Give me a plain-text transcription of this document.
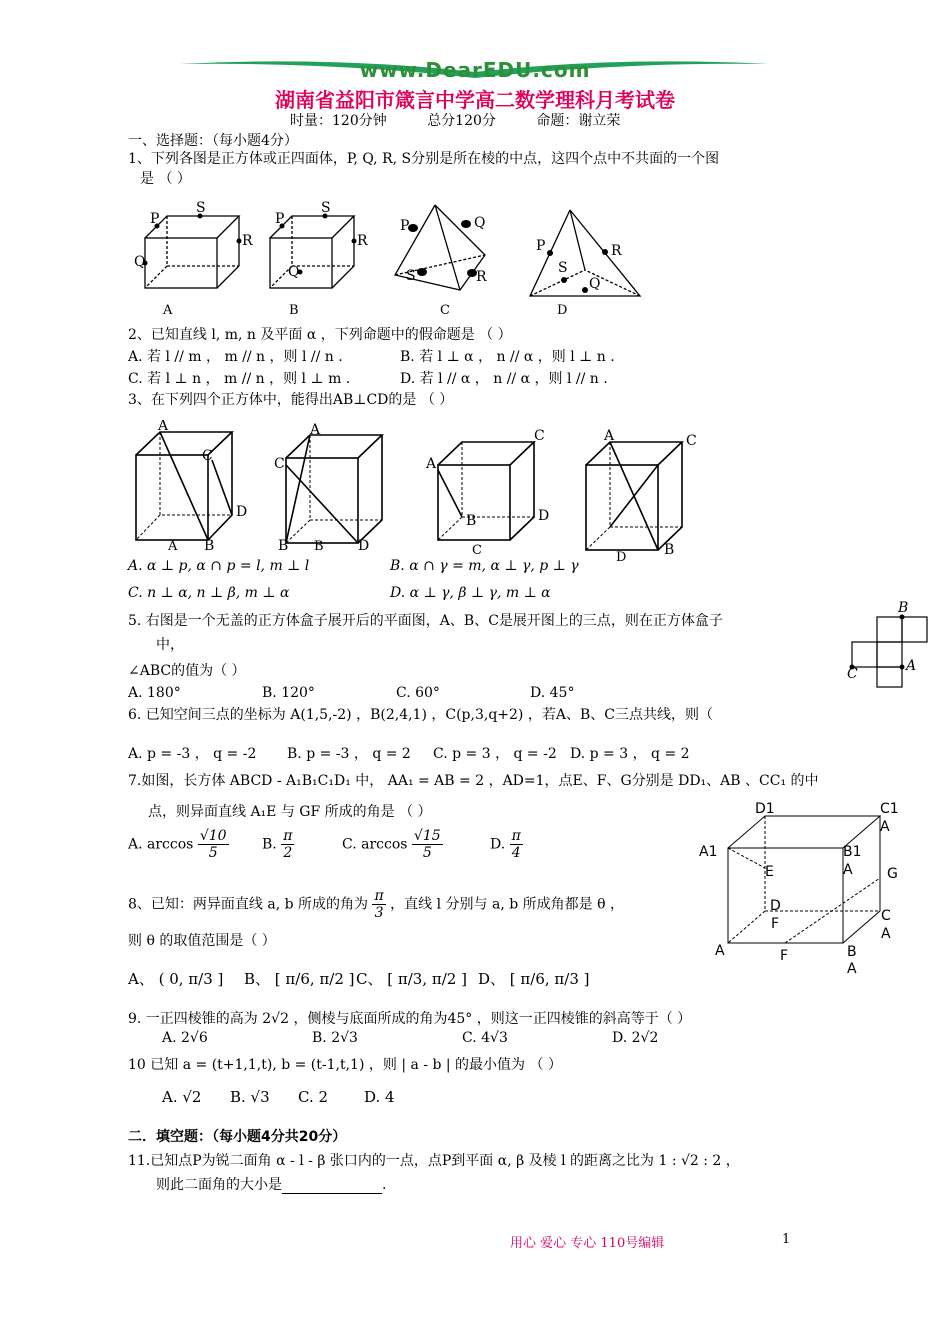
www.DearEDU.com
湖南省益阳市箴言中学高二数学理科月考试卷
时量：120分钟	总分120分	命题：谢立荣
一、选择题：（每小题4分）
1、下列各图是正方体或正四面体，P, Q, R, S分别是所在棱的中点，这四个点中不共面的一个图
是 （ ）
P
S
R
Q
P
S
R
Q
P	Q
S	R
P	R
S
Q
A	B	C	D
2、已知直线 l, m, n 及平面 α ，下列命题中的假命题是 （ ）
A. 若 l // m ， m // n ，则 l // n .	B. 若 l ⊥ α ， n // α ，则 l ⊥ n .
C. 若 l ⊥ n ， m // n ，则 l ⊥ m .	D. 若 l // α ， n // α ，则 l // n .
3、在下列四个正方体中，能得出AB⊥CD的是 （ ）
A
C
D
B
A
C
D
B
A
C
D
B
A	C
B
A	B	C	D
A. α ⊥ p, α ∩ p = l, m ⊥ l	B. α ∩ γ = m, α ⊥ γ, p ⊥ γ
C. n ⊥ α, n ⊥ β, m ⊥ α	D. α ⊥ γ, β ⊥ γ, m ⊥ α
5. 右图是一个无盖的正方体盒子展开后的平面图，A、B、C是展开图上的三点，则在正方体盒子
中，
∠ABC的值为（ ）
A. 180°	B. 120°	C. 60°	D. 45°
B
C	A
6. 已知空间三点的坐标为 A(1,5,-2) ，B(2,4,1) ，C(p,3,q+2) ，若A、B、C三点共线，则（
A. p = -3 ， q = -2 B. p = -3 ， q = 2 C. p = 3 ， q = -2 D. p = 3 ， q = 2
7.如图，长方体 ABCD - A₁B₁C₁D₁ 中， AA₁ = AB = 2 ，AD=1，点E、F、G分别是 DD₁、AB 、CC₁ 的中
点，则异面直线 A₁E 与 GF 所成的角是 （ ）
A. $\arccos \frac{√10}{5} B$. $\frac{\pi}{2}$	C. $\arccos \frac{√15}{5}$	D. $\frac{\pi}{4}$
D1	C1
A
A1	B1
A
E	G
D
C
F
A
A	F	B
A
8、已知：两异面直线 a, b 所成的角为 $\frac{\pi}{3}$ ，直线 l 分别与 a, b 所成角都是 θ ，
则 θ 的取值范围是（ ）
A、 ( 0, π/3 ] B、 [ π/6, π/2 ] C、 [ π/3, π/2 ] D、 [ π/6, π/3 ]
9. 一正四棱锥的高为 2√2 ，侧棱与底面所成的角为45° ，则这一正四棱锥的斜高等于（ ）
A. 2√6	B. 2√3	C. 4√3	D. 2√2
10 已知 a = (t+1,1,t), b = (t-1,t,1) ，则 | a - b | 的最小值为 （ ）
A. √2 B. √3 C. 2 D. 4
二．填空题：（每小题4分共20分）
11.已知点P为锐二面角 α - l - β 张口内的一点，点P到平面 α, β 及棱 l 的距离之比为 1 : √2 : 2 ，
则此二面角的大小是	.
用心 爱心 专心 110号编辑	1
